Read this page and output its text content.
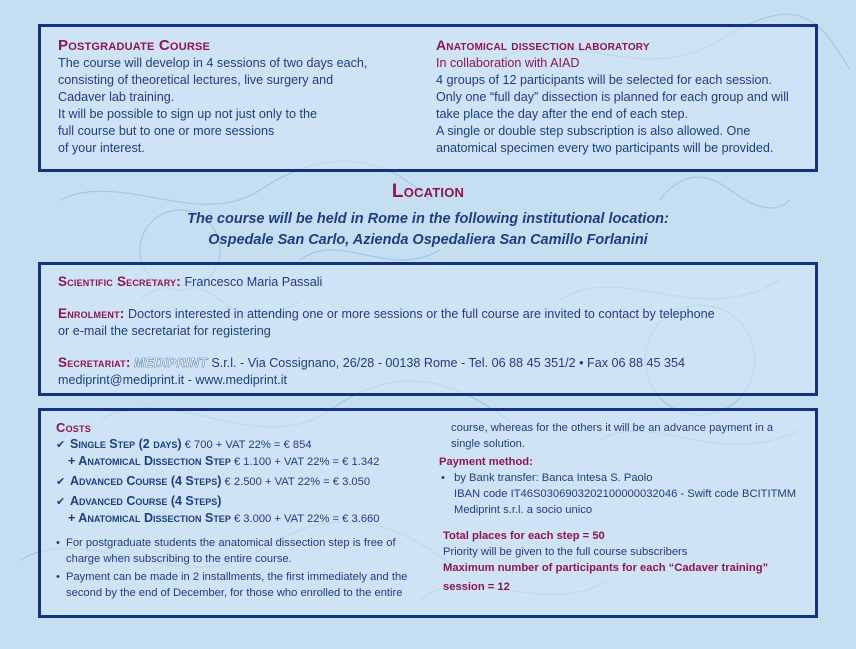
Postgraduate Course

The course will develop in 4 sessions of two days each,

consisting of theoretical lectures, live surgery and

Cadaver lab training.

It will be possible to sign up not just only to the

full course but to one or more sessions

of your interest.

Anatomical dissection laboratory

In collaboration with AIAD

4 groups of 12 participants will be selected for each session.

Only one “full day” dissection is planned for each group and will

take place the day after the end of each step.

A single or double step subscription is also allowed. One

anatomical specimen every two participants will be provided.

Location

The course will be held in Rome in the following institutional location:

Ospedale San Carlo, Azienda Ospedaliera San Camillo Forlanini

Scientific Secretary: Francesco Maria Passali

Enrolment: Doctors interested in attending one or more sessions or the full course are invited to contact by telephone

or e-mail the secretariat for registering

Secretariat: MEDIPRINT S.r.l. - Via Cossignano, 26/28 - 00138 Rome - Tel. 06 88 45 351/2 • Fax 06 88 45 354

mediprint@mediprint.it - www.mediprint.it

Costs

✔ Single Step (2 days) € 700 + VAT 22% = € 854

+ Anatomical Dissection Step € 1.100 + VAT 22% = € 1.342

✔ Advanced Course (4 Steps) € 2.500 + VAT 22% = € 3.050

✔ Advanced Course (4 Steps)

+ Anatomical Dissection Step € 3.000 + VAT 22% = € 3.660

• For postgraduate students the anatomical dissection step is free of

charge when subscribing to the entire course.

• Payment can be made in 2 installments, the first immediately and the

second by the end of December, for those who enrolled to the entire

course, whereas for the others it will be an advance payment in a

single solution.

Payment method:

• by Bank transfer: Banca Intesa S. Paolo

IBAN code IT46S0306903202100000032046 - Swift code BCITITMM

Mediprint s.r.l. a socio unico

Total places for each step = 50

Priority will be given to the full course subscribers

Maximum number of participants for each “Cadaver training”

session = 12
